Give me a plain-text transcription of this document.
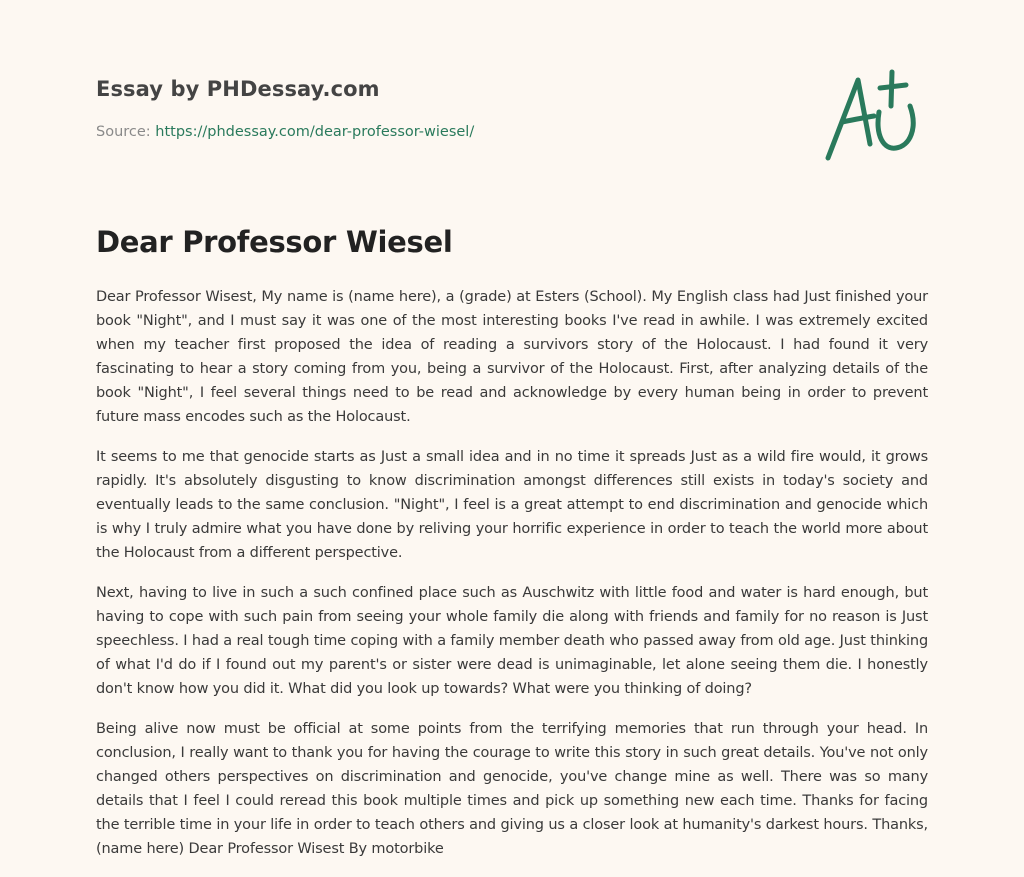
Essay by PHDessay.com

Source: https://phdessay.com/dear-professor-wiesel/

Dear Professor Wiesel

Dear Professor Wisest, My name is (name here), a (grade) at Esters (School). My English class had Just finished your book "Night", and I must say it was one of the most interesting books I've read in awhile. I was extremely excited when my teacher first proposed the idea of reading a survivors story of the Holocaust. I had found it very fascinating to hear a story coming from you, being a survivor of the Holocaust. First, after analyzing details of the book "Night", I feel several things need to be read and acknowledge by every human being in order to prevent future mass encodes such as the Holocaust.

It seems to me that genocide starts as Just a small idea and in no time it spreads Just as a wild fire would, it grows rapidly. It's absolutely disgusting to know discrimination amongst differences still exists in today's society and eventually leads to the same conclusion. "Night", I feel is a great attempt to end discrimination and genocide which is why I truly admire what you have done by reliving your horrific experience in order to teach the world more about the Holocaust from a different perspective.

Next, having to live in such a such confined place such as Auschwitz with little food and water is hard enough, but having to cope with such pain from seeing your whole family die along with friends and family for no reason is Just speechless. I had a real tough time coping with a family member death who passed away from old age. Just thinking of what I'd do if I found out my parent's or sister were dead is unimaginable, let alone seeing them die. I honestly don't know how you did it. What did you look up towards? What were you thinking of doing?

Being alive now must be official at some points from the terrifying memories that run through your head. In conclusion, I really want to thank you for having the courage to write this story in such great details. You've not only changed others perspectives on discrimination and genocide, you've change mine as well. There was so many details that I feel I could reread this book multiple times and pick up something new each time. Thanks for facing the terrible time in your life in order to teach others and giving us a closer look at humanity's darkest hours. Thanks, (name here) Dear Professor Wisest By motorbike
